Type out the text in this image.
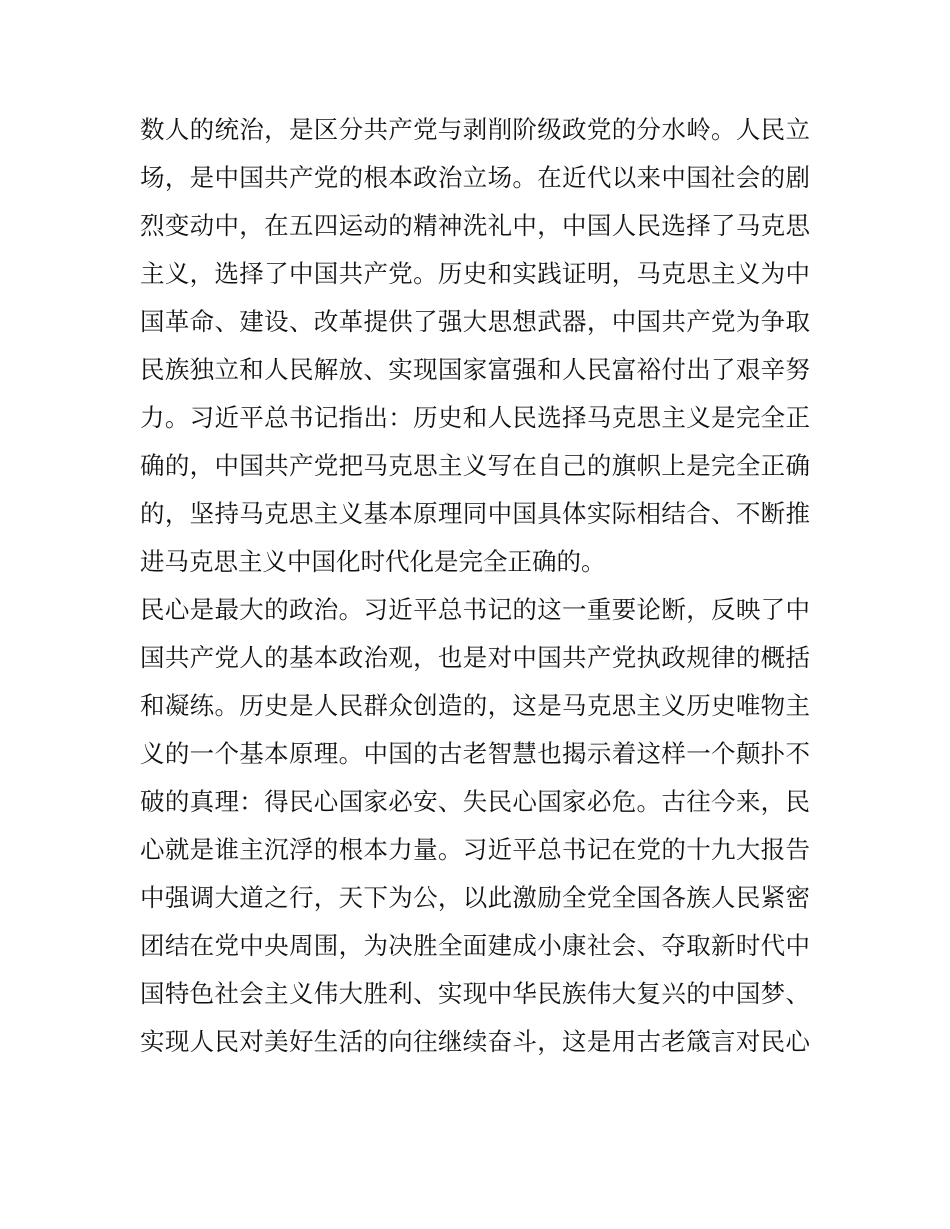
数人的统治，是区分共产党与剥削阶级政党的分水岭。人民立
场，是中国共产党的根本政治立场。在近代以来中国社会的剧
烈变动中，在五四运动的精神洗礼中，中国人民选择了马克思
主义，选择了中国共产党。历史和实践证明，马克思主义为中
国革命、建设、改革提供了强大思想武器，中国共产党为争取
民族独立和人民解放、实现国家富强和人民富裕付出了艰辛努
力。习近平总书记指出：历史和人民选择马克思主义是完全正
确的，中国共产党把马克思主义写在自己的旗帜上是完全正确
的，坚持马克思主义基本原理同中国具体实际相结合、不断推
进马克思主义中国化时代化是完全正确的。
民心是最大的政治。习近平总书记的这一重要论断，反映了中
国共产党人的基本政治观，也是对中国共产党执政规律的概括
和凝练。历史是人民群众创造的，这是马克思主义历史唯物主
义的一个基本原理。中国的古老智慧也揭示着这样一个颠扑不
破的真理：得民心国家必安、失民心国家必危。古往今来，民
心就是谁主沉浮的根本力量。习近平总书记在党的十九大报告
中强调大道之行，天下为公，以此激励全党全国各族人民紧密
团结在党中央周围，为决胜全面建成小康社会、夺取新时代中
国特色社会主义伟大胜利、实现中华民族伟大复兴的中国梦、
实现人民对美好生活的向往继续奋斗，这是用古老箴言对民心
